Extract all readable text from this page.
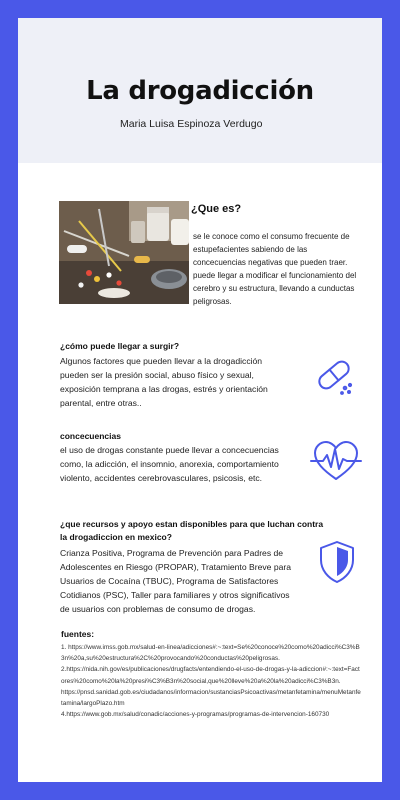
La drogadicción
Maria Luisa Espinoza Verdugo
¿Que es?
se le conoce como el consumo frecuente de estupefacientes sabiendo de las concecuencias negativas que pueden traer. puede llegar a modificar el funcionamiento del cerebro y su estructura, llevando a cunductas peligrosas.
¿cómo puede llegar a surgir?
Algunos factores que pueden llevar a la drogadicción pueden ser la presión social, abuso físico y sexual, exposición temprana a las drogas, estrés y orientación parental, entre otras..
concecuencias
el uso de drogas constante puede llevar a concecuencias como, la adicción, el insomnio, anorexia, comportamiento violento, accidentes cerebrovasculares, psicosis, etc.
¿que recursos y apoyo estan disponibles para que luchan contra la drogadiccion en mexico?
Crianza Positiva, Programa de Prevención para Padres de Adolescentes en Riesgo (PROPAR), Tratamiento Breve para Usuarios de Cocaína (TBUC), Programa de Satisfactores Cotidianos (PSC), Taller para familiares y otros significativos de usuarios con problemas de consumo de drogas.
fuentes:
1. https://www.imss.gob.mx/salud-en-linea/adicciones#:~:text=Se%20conoce%20como%20adicci%C3%B3n%20a,su%20estructura%2C%20provocando%20conductas%20peligrosas.
2.https://nida.nih.gov/es/publicaciones/drugfacts/entendiendo-el-uso-de-drogas-y-la-adiccion#:~:text=Factores%20como%20la%20presi%C3%B3n%20social,que%20lleve%20a%20la%20adicci%C3%B3n.
https://pnsd.sanidad.gob.es/ciudadanos/informacion/sustanciasPsicoactivas/metanfetamina/menuMetanfetamina/largoPlazo.htm
4.https://www.gob.mx/salud/conadic/acciones-y-programas/programas-de-intervencion-160730
